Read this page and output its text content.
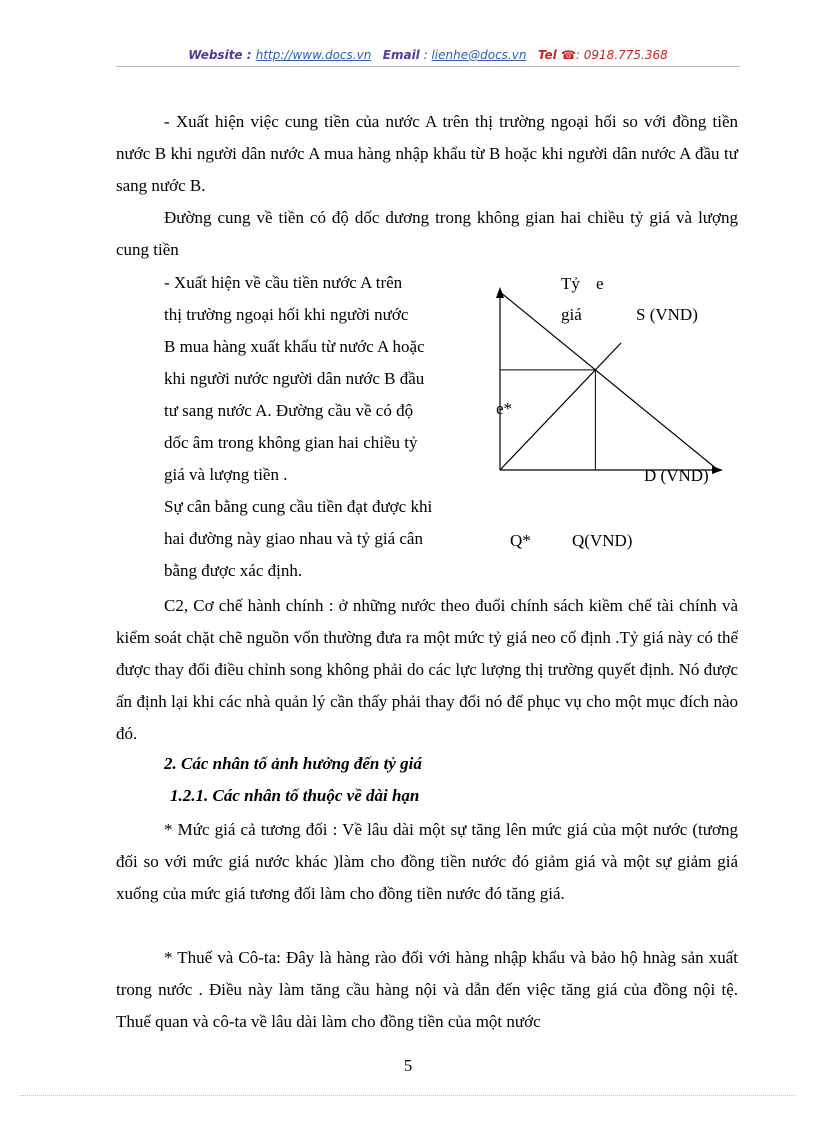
Website : http://www.docs.vn Email : lienhe@docs.vn Tel ☎: 0918.775.368
- Xuất hiện việc cung tiền của nước A trên thị trường ngoại hối so với đồng tiền nước B khi người dân nước A mua hàng nhập khẩu từ B hoặc khi người dân nước A đầu tư sang nước B.
Đường cung về tiền có độ dốc dương trong không gian hai chiều tỷ giá và lượng cung tiền
- Xuất hiện về cầu tiền nước A trên
thị trường ngoại hối khi người nước
B mua hàng xuất khẩu từ nước A hoặc
khi người nước người dân nước B đầu
tư sang nước A. Đường cầu về có độ
dốc âm trong không gian hai chiều tỷ
giá và lượng tiền .
Sự cân bằng cung cầu tiền đạt được khi
hai đường này giao nhau và tỷ giá cân
bằng được xác định.
Tỷ e
giá	S (VND)
e*
D (VND)
Q* Q(VND)
C2, Cơ chế hành chính : ở những nước theo đuổi chính sách kiềm chế tài chính và kiểm soát chặt chẽ nguồn vốn thường đưa ra một mức tỷ giá neo cố định .Tỷ giá này có thể được thay đổi điều chỉnh song không phải do các lực lượng thị trường quyết định. Nó được ấn định lại khi các nhà quản lý cần thấy phải thay đổi nó để phục vụ cho một mục đích nào đó.
2. Các nhân tố ảnh hưởng đến tỷ giá
1.2.1. Các nhân tố thuộc về dài hạn
* Mức giá cả tương đối : Về lâu dài một sự tăng lên mức giá của một nước (tương đối so với mức giá nước khác )làm cho đồng tiền nước đó giảm giá và một sự giảm giá xuống của mức giá tương đối làm cho đồng tiền nước đó tăng giá.
* Thuế và Cô-ta: Đây là hàng rào đối với hàng nhập khẩu và bảo hộ hnàg sản xuất trong nước . Điều này làm tăng cầu hàng nội và dẫn đến việc tăng giá của đồng nội tệ. Thuế quan và cô-ta về lâu dài làm cho đồng tiền của một nước
5
